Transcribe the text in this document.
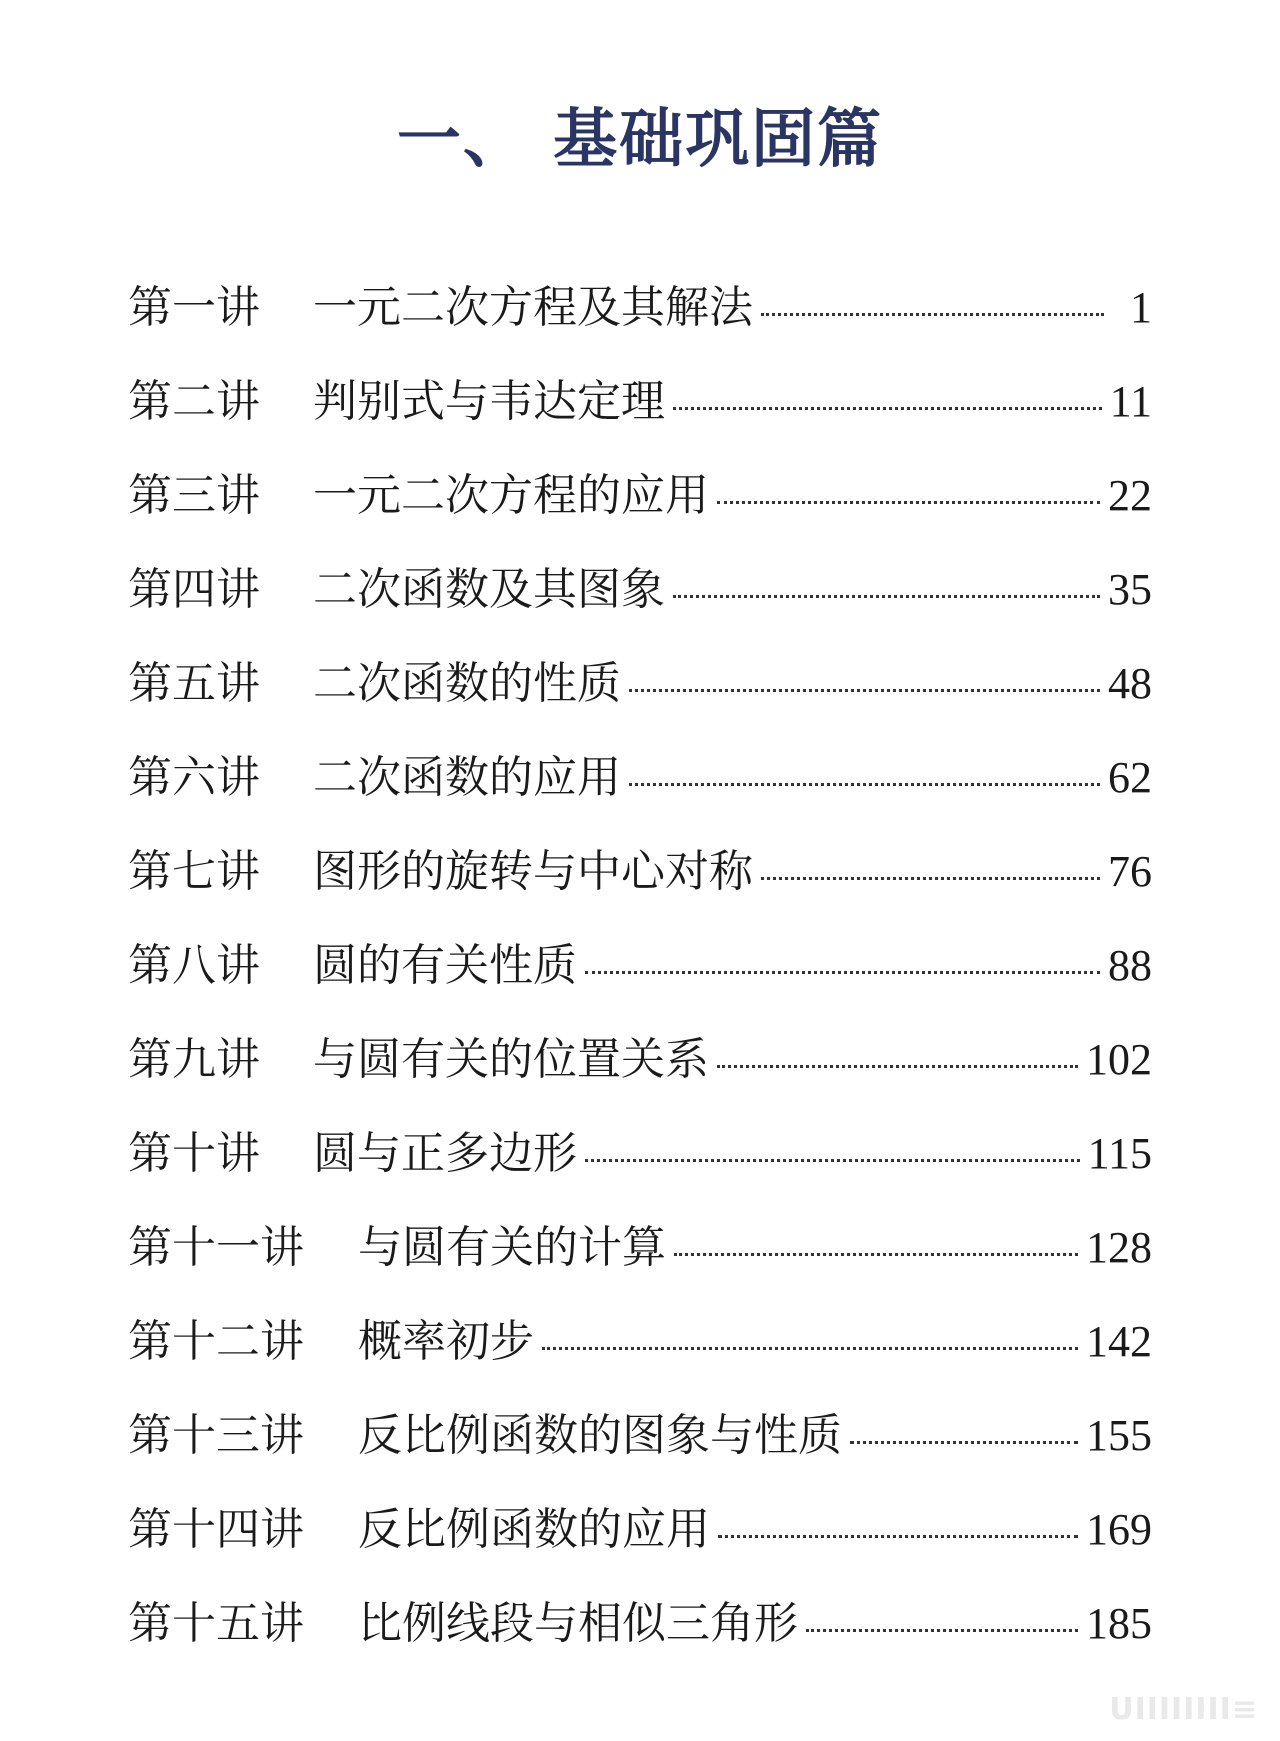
一、 基础巩固篇
第一讲	一元二次方程及其解法	1
第二讲	判别式与韦达定理	11
第三讲	一元二次方程的应用	22
第四讲	二次函数及其图象	35
第五讲	二次函数的性质	48
第六讲	二次函数的应用	62
第七讲	图形的旋转与中心对称	76
第八讲	圆的有关性质	88
第九讲	与圆有关的位置关系	102
第十讲	圆与正多边形	115
第十一讲	与圆有关的计算	128
第十二讲	概率初步	142
第十三讲	反比例函数的图象与性质	155
第十四讲	反比例函数的应用	169
第十五讲	比例线段与相似三角形	185
UIIIIIIII≡
